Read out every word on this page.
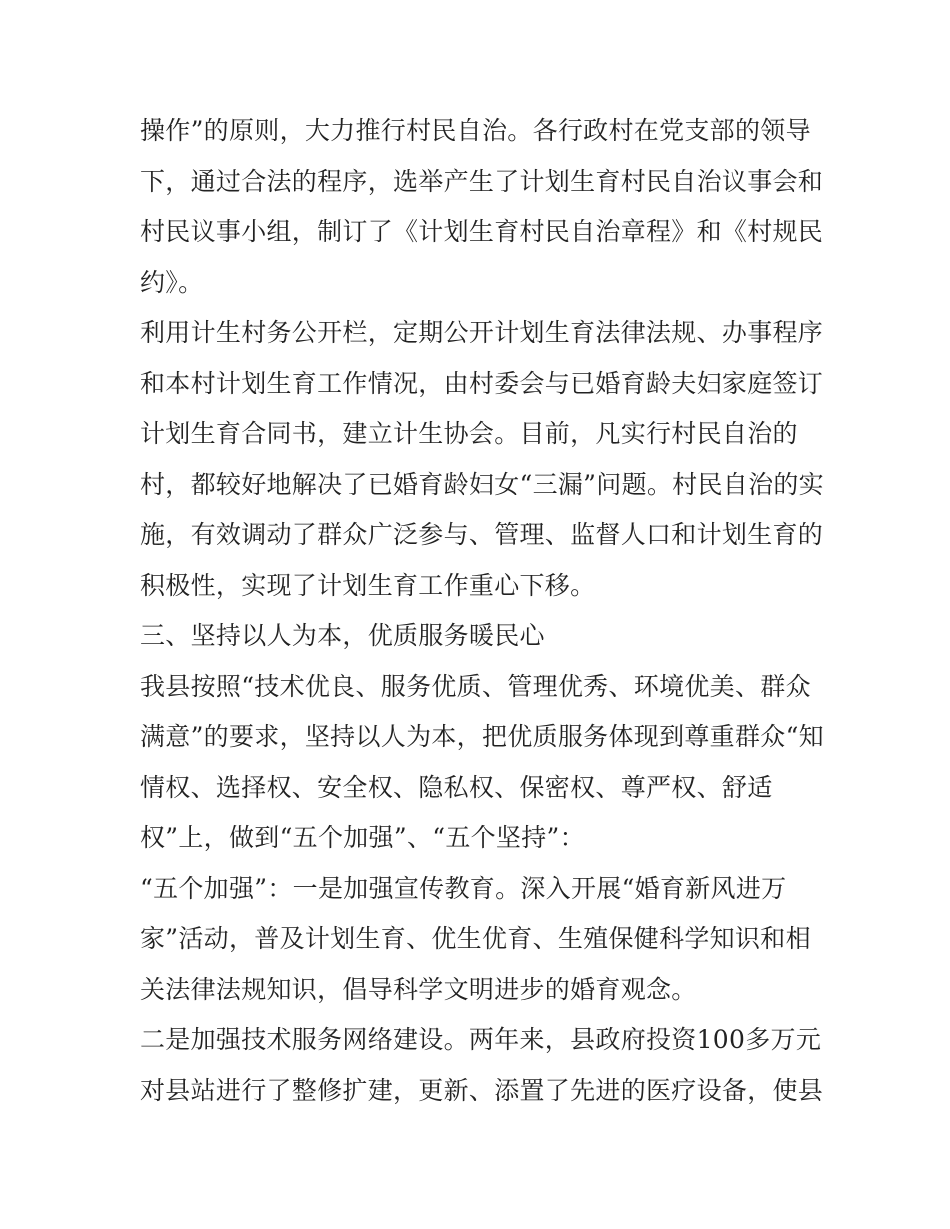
操作”的原则，大力推行村民自治。各行政村在党支部的领导
下，通过合法的程序，选举产生了计划生育村民自治议事会和
村民议事小组，制订了《计划生育村民自治章程》和《村规民
约》。
利用计生村务公开栏，定期公开计划生育法律法规、办事程序
和本村计划生育工作情况，由村委会与已婚育龄夫妇家庭签订
计划生育合同书，建立计生协会。目前，凡实行村民自治的
村，都较好地解决了已婚育龄妇女“三漏”问题。村民自治的实
施，有效调动了群众广泛参与、管理、监督人口和计划生育的
积极性，实现了计划生育工作重心下移。
三、坚持以人为本，优质服务暖民心
我县按照“技术优良、服务优质、管理优秀、环境优美、群众
满意”的要求，坚持以人为本，把优质服务体现到尊重群众“知
情权、选择权、安全权、隐私权、保密权、尊严权、舒适
权”上，做到“五个加强”、“五个坚持”：
“五个加强”：一是加强宣传教育。深入开展“婚育新风进万
家”活动，普及计划生育、优生优育、生殖保健科学知识和相
关法律法规知识，倡导科学文明进步的婚育观念。
二是加强技术服务网络建设。两年来，县政府投资100多万元
对县站进行了整修扩建，更新、添置了先进的医疗设备，使县
